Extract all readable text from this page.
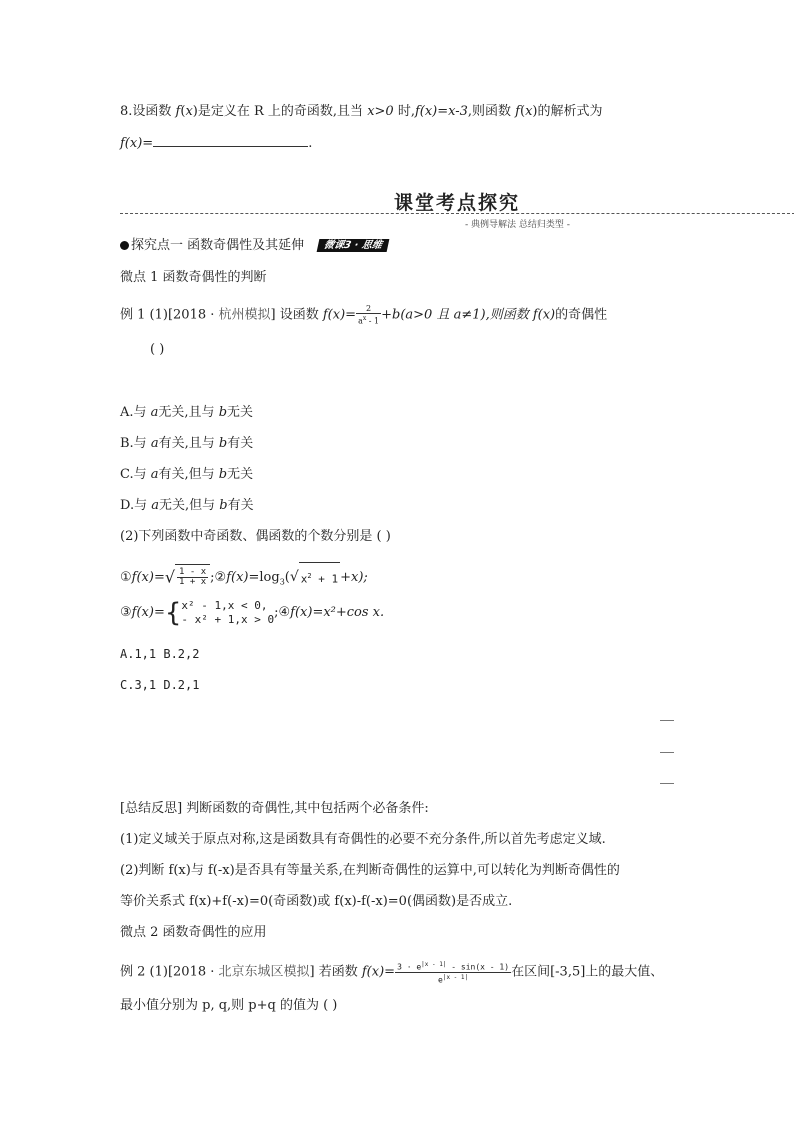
8.设函数 f(x)是定义在 R 上的奇函数,且当 x>0 时,f(x)=x-3,则函数 f(x)的解析式为
f(x)=	.
课堂考点探究
- 典例导解法 总结归类型 -
探究点一 函数奇偶性及其延伸 微课3 · 思维
微点 1 函数奇偶性的判断
例 1 (1)[2018 · 杭州模拟] 设函数 $f(x)= \frac{2}{a^x - 1} +b(a>0$ 且 a≠1),则函数 f(x)的奇偶性
( )
A.与 a无关,且与 b无关
B.与 a有关,且与 b有关
C.与 a有关,但与 b无关
D.与 a无关,但与 b有关
(2)下列函数中奇函数、偶函数的个数分别是 ( )
①f(x)=√ $\frac{1 - x}{1 + x}$ $;②f(x)=\log_3(√$ $x^2 + 1 +x$);
③f(x)={ x² - 1,x < 0,
- x² + 1,x > 0 ;④f(x)=x²+cos x.
A.1,1 B.2,2
C.3,1 D.2,1
[总结反思] 判断函数的奇偶性,其中包括两个必备条件:
(1)定义域关于原点对称,这是函数具有奇偶性的必要不充分条件,所以首先考虑定义域.
(2)判断 f(x)与 f(-x)是否具有等量关系,在判断奇偶性的运算中,可以转化为判断奇偶性的
等价关系式 f(x)+f(-x)=0(奇函数)或 f(x)-f(-x)=0(偶函数)是否成立.
微点 2 函数奇偶性的应用
例 2 (1)[2018 · 北京东城区模拟] 若函数 $f(x)= \frac{3 \cdot e^{|x - 1|} - \sin(x - 1)}{e^{|x - 1|}}$ 在区间[-3,5]上的最大值、
最小值分别为 p, q,则 p+q 的值为 ( )
